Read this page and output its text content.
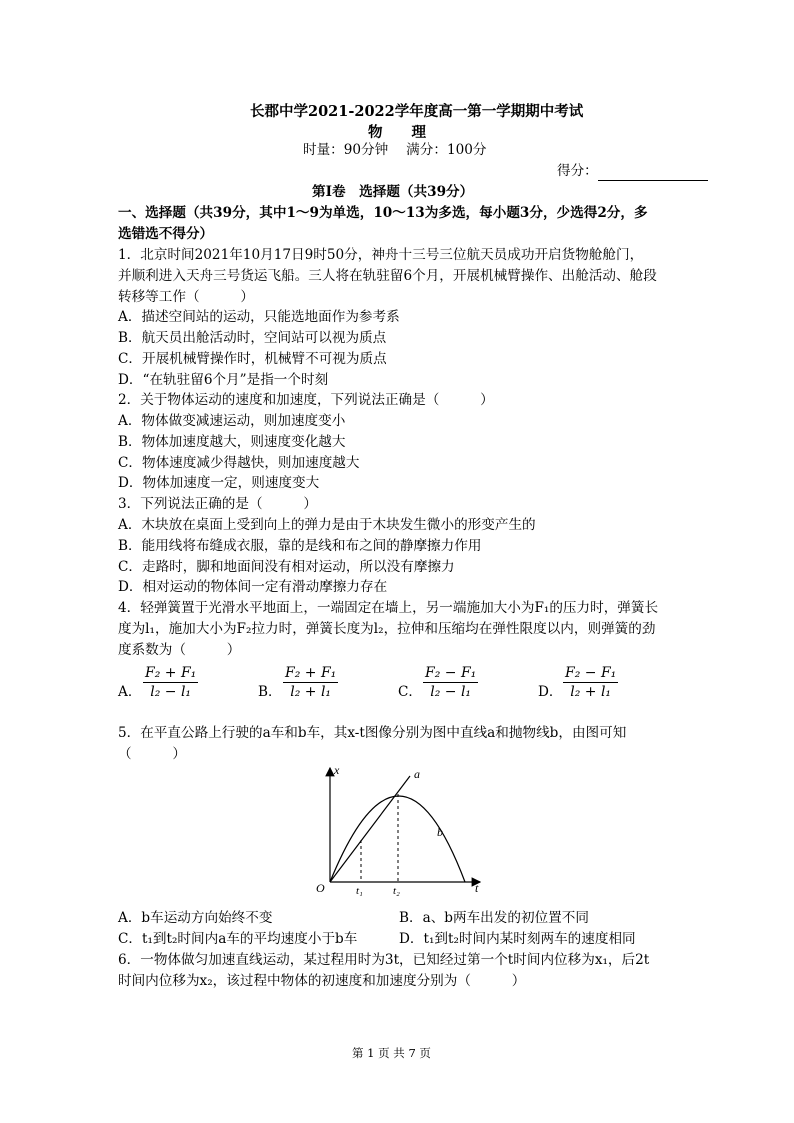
长郡中学2021-2022学年度高一第一学期期中考试
物 理
时量：90分钟　 满分：100分
得分：
第Ⅰ卷　选择题（共39分）
一、选择题（共39分，其中1～9为单选，10～13为多选，每小题3分，少选得2分，多
选错选不得分）
1．北京时间2021年10月17日9时50分，神舟十三号三位航天员成功开启货物舱舱门，
并顺利进入天舟三号货运飞船。三人将在轨驻留6个月，开展机械臂操作、出舱活动、舱段
转移等工作（　　　）
A．描述空间站的运动，只能选地面作为参考系
B．航天员出舱活动时，空间站可以视为质点
C．开展机械臂操作时，机械臂不可视为质点
D．“在轨驻留6个月”是指一个时刻
2．关于物体运动的速度和加速度，下列说法正确是（　　　）
A．物体做变减速运动，则加速度变小
B．物体加速度越大，则速度变化越大
C．物体速度减少得越快，则加速度越大
D．物体加速度一定，则速度变大
3．下列说法正确的是（　　　）
A．木块放在桌面上受到向上的弹力是由于木块发生微小的形变产生的
B．能用线将布缝成衣服，靠的是线和布之间的静摩擦力作用
C．走路时，脚和地面间没有相对运动，所以没有摩擦力
D．相对运动的物体间一定有滑动摩擦力存在
4．轻弹簧置于光滑水平地面上，一端固定在墙上，另一端施加大小为F₁的压力时，弹簧长
度为l₁，施加大小为F₂拉力时，弹簧长度为l₂，拉伸和压缩均在弹性限度以内，则弹簧的劲
度系数为（　　　）
A．
F₂ + F₁
l₂ − l₁	B．
F₂ + F₁
l₂ + l₁	C．
F₂ − F₁
l₂ − l₁	D．
F₂ − F₁
l₂ + l₁
5．在平直公路上行驶的a车和b车，其x-t图像分别为图中直线a和抛物线b，由图可知
（　　　）
x
t
O	t₁	t₂
a
b
A．b车运动方向始终不变	B．a、b两车出发的初位置不同
C．t₁到t₂时间内a车的平均速度小于b车	D．t₁到t₂时间内某时刻两车的速度相同
6．一物体做匀加速直线运动，某过程用时为3t，已知经过第一个t时间内位移为x₁，后2t
时间内位移为x₂，该过程中物体的初速度和加速度分别为（　　　）
第 1 页 共 7 页
